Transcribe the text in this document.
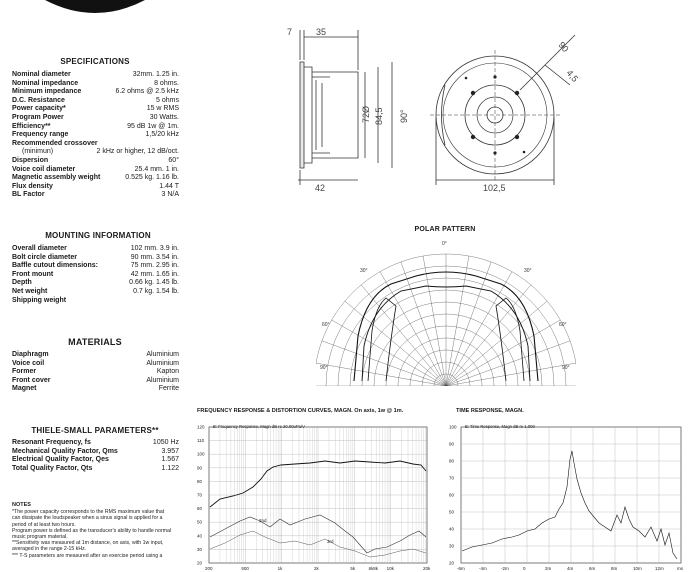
SPECIFICATIONS
Nominal diameter	32mm. 1.25 in.
Nominal impedance	8 ohms.
Minimum impedance	6.2 ohms @ 2.5 kHz
D.C. Resistance	5 ohms
Power capacity*	15 w RMS
Program Power	30 Watts.
Efficiency**	95 dB 1w @ 1m.
Frequency range	1,5/20 kHz
Recommended crossover
(minimun)	2 kHz or higher, 12 dB/oct.
Dispersion	60°
Voice coil diameter	25.4 mm. 1 in.
Magnetic assembly weight	0.525 kg. 1.16 lb.
Flux density	1.44 T
BL Factor	3 N/A
MOUNTING INFORMATION
Overall diameter	102 mm. 3.9 in.
Bolt circle diameter	90 mm. 3.54 in.
Baffle cutout dimensions:	75 mm. 2.95 in.
Front mount	42 mm. 1.65 in.
Depth	0.66 kg. 1.45 lb.
Net weight	0.7 kg. 1.54 lb.
Shipping weight
MATERIALS
Diaphragm	Aluminium
Voice coil	Aluminium
Former	Kapton
Front cover	Aluminium
Magnet	Ferrite
THIELE-SMALL PARAMETERS**
Resonant Frequency, fs	1050 Hz
Mechanical Quality Factor, Qms	3.957
Electrical Quality Factor, Qes	1.567
Total Quality Factor, Qts	1.122
NOTES
*The power capacity corresponds to the RMS maximum value that
can dissipate the loudspeaker when a sinus signal is applied for a
period of at least two hours.
Program power is defined as the transducer's ability to handle normal
music program material.
**Sensitivity was measured at 1m distance, on axis, with 1w input,
averaged in the range 2-15 kHz.
*** T-S parameters are measured after an exercise period using a
7	35
72Ø 84,5
42
90°
90
4,5
102,5
POLAR PATTERN
0°
30°
60°
90°
30°
60°
90°
FREQUENCY RESPONSE & DISTORTION CURVES, MAGN. On axis, 1w @ 1m.
B: Frequency Response, Magn dB re 20.00uPa/V
120
110
100
90
80
70
60
50
40
30
20
200	500	1k	2k	5k	10k	20k
6k 8k
2nd
3rd
TIME RESPONSE, MAGN.
B: Time Response, Magn dB re 1.000
100
90
80
70
60
50
40
30
20
-6m	-4m	-2m	0	2m	4m	6m	8m	10m	12m	ms
